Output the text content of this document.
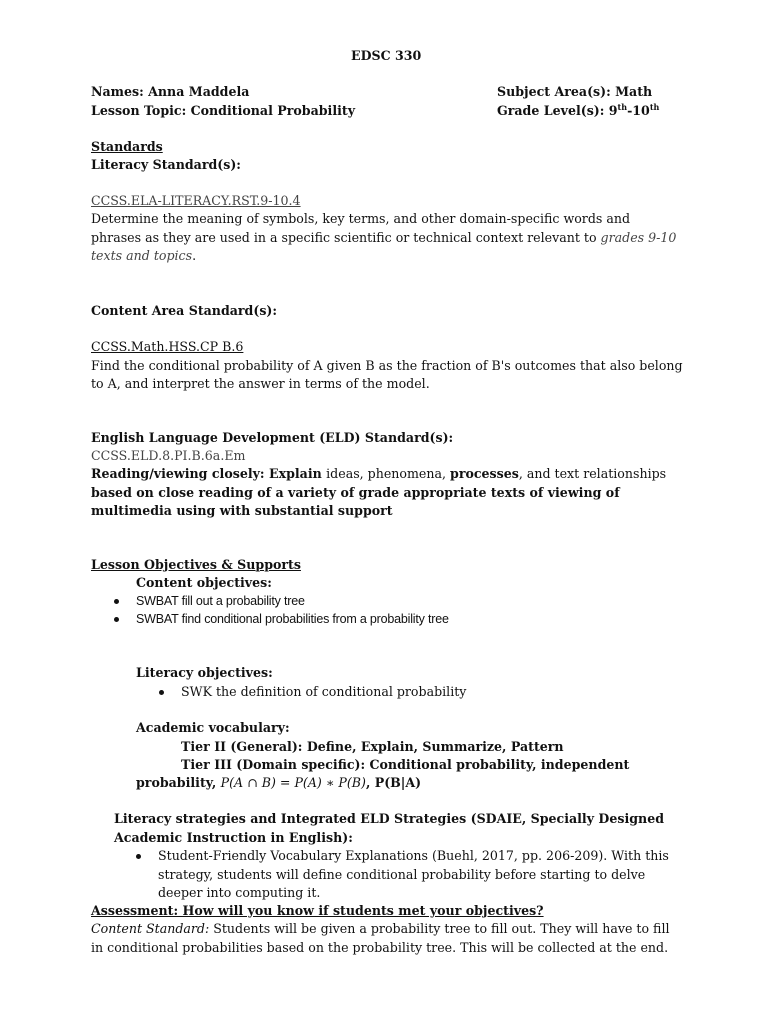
EDSC 330
Names: Anna Maddela	Subject Area(s): Math
Lesson Topic: Conditional Probability	Grade Level(s): 9th-10th
Standards
Literacy Standard(s):
CCSS.ELA-LITERACY.RST.9-10.4
Determine the meaning of symbols, key terms, and other domain-specific words and
phrases as they are used in a specific scientific or technical context relevant to grades 9-10
texts and topics.
Content Area Standard(s):
CCSS.Math.HSS.CP B.6
Find the conditional probability of A given B as the fraction of B's outcomes that also belong
to A, and interpret the answer in terms of the model.
English Language Development (ELD) Standard(s):
CCSS.ELD.8.PI.B.6a.Em
Reading/viewing closely: Explain ideas, phenomena, processes, and text relationships
based on close reading of a variety of grade appropriate texts of viewing of
multimedia using with substantial support
Lesson Objectives & Supports
Content objectives:
SWBAT fill out a probability tree
SWBAT find conditional probabilities from a probability tree
Literacy objectives:
SWK the definition of conditional probability
Academic vocabulary:
Tier II (General): Define, Explain, Summarize, Pattern
Tier III (Domain specific): Conditional probability, independent
probability, P(A ∩ B) = P(A) ∗ P(B), P(B|A)
Literacy strategies and Integrated ELD Strategies (SDAIE, Specially Designed
Academic Instruction in English):
Student-Friendly Vocabulary Explanations (Buehl, 2017, pp. 206-209). With this
strategy, students will define conditional probability before starting to delve
deeper into computing it.
Assessment: How will you know if students met your objectives?
Content Standard: Students will be given a probability tree to fill out. They will have to fill
in conditional probabilities based on the probability tree. This will be collected at the end.
